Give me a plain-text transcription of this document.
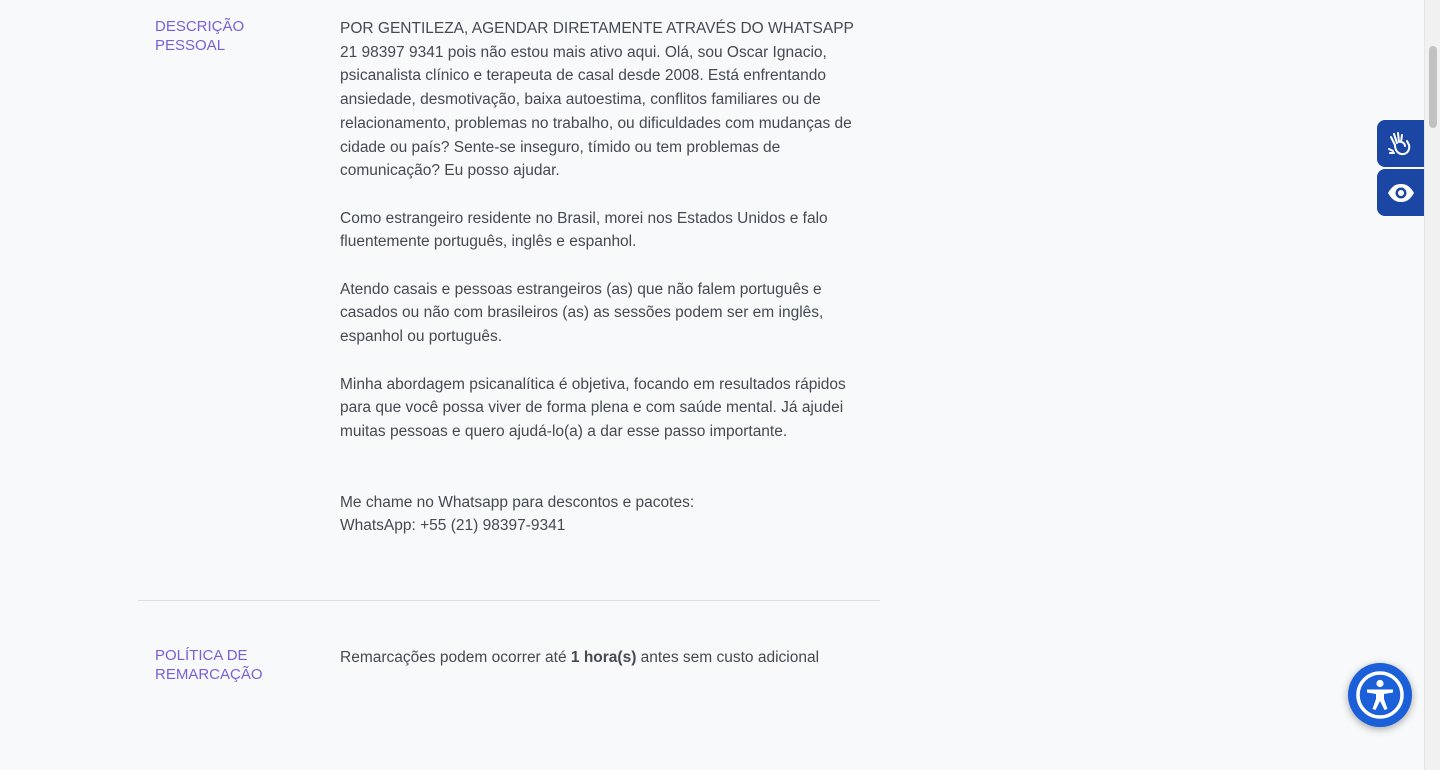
DESCRIÇÃO PESSOAL

POR GENTILEZA, AGENDAR DIRETAMENTE ATRAVÉS DO WHATSAPP 21 98397 9341 pois não estou mais ativo aqui. Olá, sou Oscar Ignacio, psicanalista clínico e terapeuta de casal desde 2008. Está enfrentando ansiedade, desmotivação, baixa autoestima, conflitos familiares ou de relacionamento, problemas no trabalho, ou dificuldades com mudanças de cidade ou país? Sente-se inseguro, tímido ou tem problemas de comunicação? Eu posso ajudar.

Como estrangeiro residente no Brasil, morei nos Estados Unidos e falo fluentemente português, inglês e espanhol.

Atendo casais e pessoas estrangeiros (as) que não falem português e casados ou não com brasileiros (as) as sessões podem ser em inglês, espanhol ou português.

Minha abordagem psicanalítica é objetiva, focando em resultados rápidos para que você possa viver de forma plena e com saúde mental. Já ajudei muitas pessoas e quero ajudá-lo(a) a dar esse passo importante.

Me chame no Whatsapp para descontos e pacotes:

WhatsApp: +55 (21) 98397-9341

POLÍTICA DE REMARCAÇÃO
Remarcações podem ocorrer até 1 hora(s) antes sem custo adicional
